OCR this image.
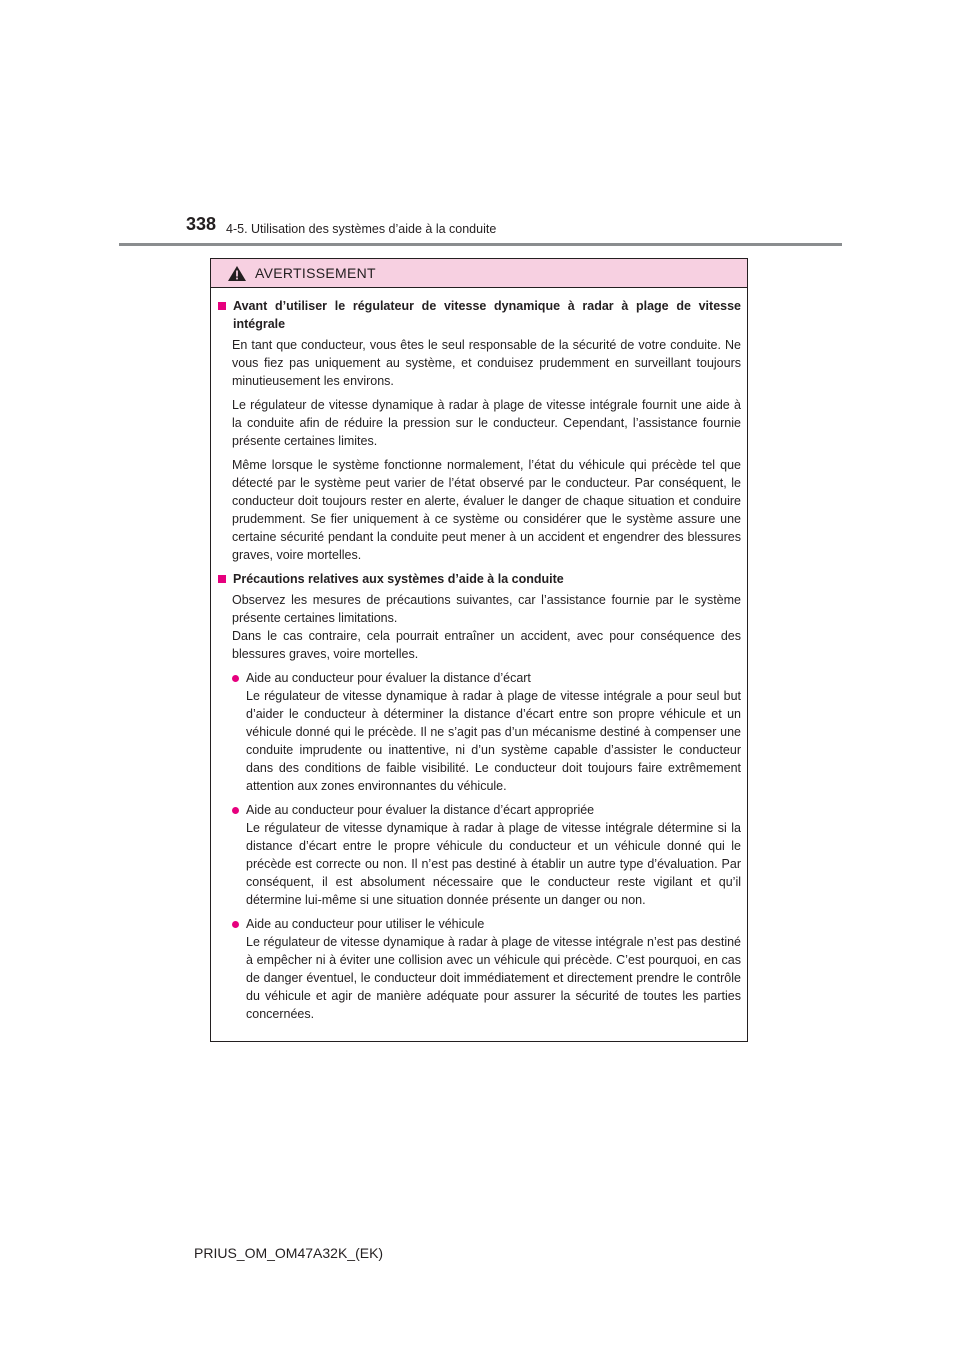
338 4-5. Utilisation des systèmes d’aide à la conduite
AVERTISSEMENT
Avant d’utiliser le régulateur de vitesse dynamique à radar à plage de vitesse intégrale

En tant que conducteur, vous êtes le seul responsable de la sécurité de votre conduite. Ne vous fiez pas uniquement au système, et conduisez prudemment en surveillant toujours minutieusement les environs.

Le régulateur de vitesse dynamique à radar à plage de vitesse intégrale fournit une aide à la conduite afin de réduire la pression sur le conducteur. Cependant, l’assistance fournie présente certaines limites.

Même lorsque le système fonctionne normalement, l’état du véhicule qui précède tel que détecté par le système peut varier de l’état observé par le conducteur. Par conséquent, le conducteur doit toujours rester en alerte, évaluer le danger de chaque situation et conduire prudemment. Se fier uniquement à ce système ou considérer que le système assure une certaine sécurité pendant la conduite peut mener à un accident et engendrer des blessures graves, voire mortelles.

Précautions relatives aux systèmes d’aide à la conduite

Observez les mesures de précautions suivantes, car l’assistance fournie par le système présente certaines limitations.
Dans le cas contraire, cela pourrait entraîner un accident, avec pour conséquence des blessures graves, voire mortelles.

Aide au conducteur pour évaluer la distance d’écart
Le régulateur de vitesse dynamique à radar à plage de vitesse intégrale a pour seul but d’aider le conducteur à déterminer la distance d’écart entre son propre véhicule et un véhicule donné qui le précède. Il ne s’agit pas d’un mécanisme destiné à compenser une conduite imprudente ou inattentive, ni d’un système capable d’assister le conducteur dans des conditions de faible visibilité. Le conducteur doit toujours faire extrêmement attention aux zones environnantes du véhicule.
Aide au conducteur pour évaluer la distance d’écart appropriée
Le régulateur de vitesse dynamique à radar à plage de vitesse intégrale détermine si la distance d’écart entre le propre véhicule du conducteur et un véhicule donné qui le précède est correcte ou non. Il n’est pas destiné à établir un autre type d’évaluation. Par conséquent, il est absolument nécessaire que le conducteur reste vigilant et qu’il détermine lui-même si une situation donnée présente un danger ou non.
Aide au conducteur pour utiliser le véhicule
Le régulateur de vitesse dynamique à radar à plage de vitesse intégrale n’est pas destiné à empêcher ni à éviter une collision avec un véhicule qui précède. C’est pourquoi, en cas de danger éventuel, le conducteur doit immédiatement et directement prendre le contrôle du véhicule et agir de manière adéquate pour assurer la sécurité de toutes les parties concernées.
PRIUS_OM_OM47A32K_(EK)
